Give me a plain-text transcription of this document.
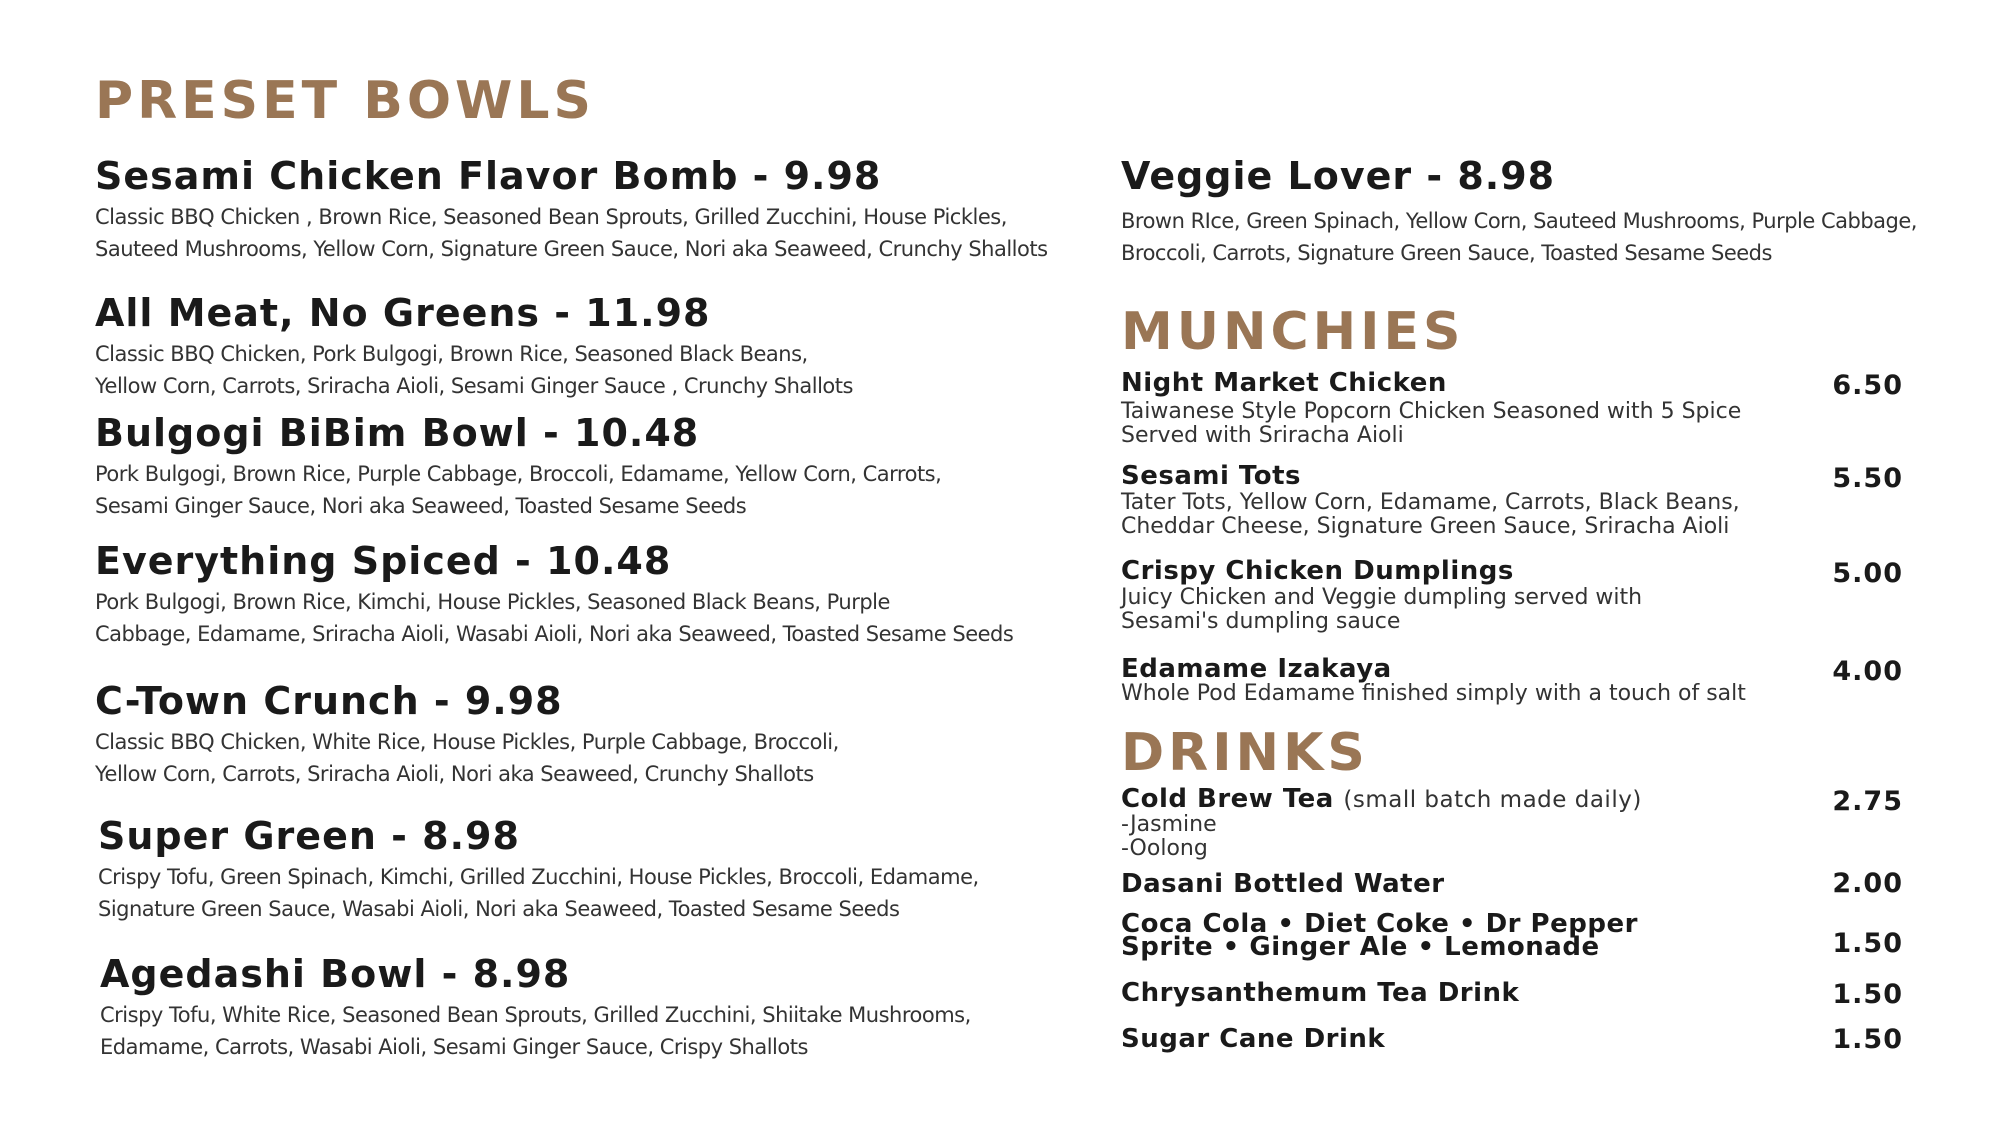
PRESET BOWLS
Sesami Chicken Flavor Bomb - 9.98
Classic BBQ Chicken , Brown Rice, Seasoned Bean Sprouts, Grilled Zucchini, House Pickles,
Sauteed Mushrooms, Yellow Corn, Signature Green Sauce, Nori aka Seaweed, Crunchy Shallots
All Meat, No Greens - 11.98
Classic BBQ Chicken, Pork Bulgogi, Brown Rice, Seasoned Black Beans,
Yellow Corn, Carrots, Sriracha Aioli, Sesami Ginger Sauce , Crunchy Shallots
Bulgogi BiBim Bowl - 10.48
Pork Bulgogi, Brown Rice, Purple Cabbage, Broccoli, Edamame, Yellow Corn, Carrots,
Sesami Ginger Sauce, Nori aka Seaweed, Toasted Sesame Seeds
Everything Spiced - 10.48
Pork Bulgogi, Brown Rice, Kimchi, House Pickles, Seasoned Black Beans, Purple
Cabbage, Edamame, Sriracha Aioli, Wasabi Aioli, Nori aka Seaweed, Toasted Sesame Seeds
C-Town Crunch - 9.98
Classic BBQ Chicken, White Rice, House Pickles, Purple Cabbage, Broccoli,
Yellow Corn, Carrots, Sriracha Aioli, Nori aka Seaweed, Crunchy Shallots
Super Green - 8.98
Crispy Tofu, Green Spinach, Kimchi, Grilled Zucchini, House Pickles, Broccoli, Edamame,
Signature Green Sauce, Wasabi Aioli, Nori aka Seaweed, Toasted Sesame Seeds
Agedashi Bowl - 8.98
Crispy Tofu, White Rice, Seasoned Bean Sprouts, Grilled Zucchini, Shiitake Mushrooms,
Edamame, Carrots, Wasabi Aioli, Sesami Ginger Sauce, Crispy Shallots
Veggie Lover - 8.98
Brown RIce, Green Spinach, Yellow Corn, Sauteed Mushrooms, Purple Cabbage,
Broccoli, Carrots, Signature Green Sauce, Toasted Sesame Seeds
MUNCHIES
Night Market Chicken
Taiwanese Style Popcorn Chicken Seasoned with 5 Spice
Served with Sriracha Aioli
6.50
Sesami Tots
Tater Tots, Yellow Corn, Edamame, Carrots, Black Beans,
Cheddar Cheese, Signature Green Sauce, Sriracha Aioli
5.50
Crispy Chicken Dumplings
Juicy Chicken and Veggie dumpling served with
Sesami's dumpling sauce
5.00
Edamame Izakaya
Whole Pod Edamame finished simply with a touch of salt
4.00
DRINKS
Cold Brew Tea (small batch made daily)
-Jasmine
-Oolong
2.75
Dasani Bottled Water	2.00
Coca Cola • Diet Coke • Dr Pepper
Sprite • Ginger Ale • Lemonade	1.50
Chrysanthemum Tea Drink	1.50
Sugar Cane Drink	1.50
